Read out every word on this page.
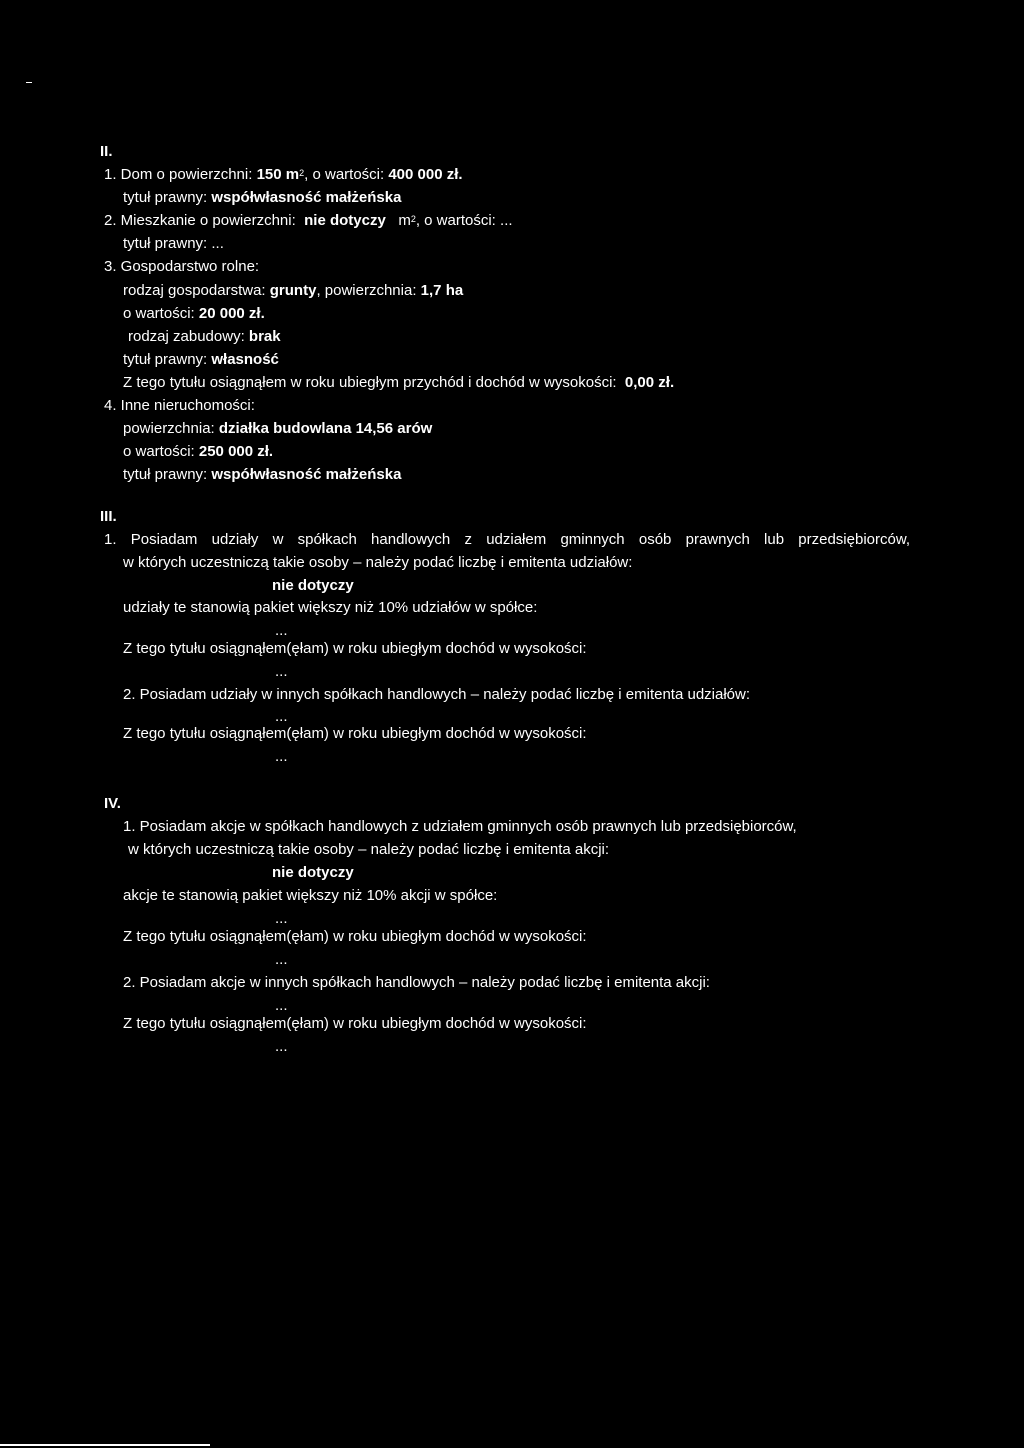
II.
1. Dom o powierzchni: 150 $m^2$, o wartości: 400 000 zł.
tytuł prawny: współwłasność małżeńska
2. Mieszkanie o powierzchni: nie dotyczy $m^2$, o wartości: ...
tytuł prawny: ...
3. Gospodarstwo rolne:
rodzaj gospodarstwa: grunty, powierzchnia: 1,7 ha
o wartości: 20 000 zł.
rodzaj zabudowy: brak
tytuł prawny: własność
Z tego tytułu osiągnąłem w roku ubiegłym przychód i dochód w wysokości: 0,00 zł.
4. Inne nieruchomości:
powierzchnia: działka budowlana 14,56 arów
o wartości: 250 000 zł.
tytuł prawny: współwłasność małżeńska
III.
1. Posiadam udziały w spółkach handlowych z udziałem gminnych osób prawnych lub przedsiębiorców,
w których uczestniczą takie osoby – należy podać liczbę i emitenta udziałów:
nie dotyczy
udziały te stanowią pakiet większy niż 10% udziałów w spółce:
...
Z tego tytułu osiągnąłem(ęłam) w roku ubiegłym dochód w wysokości:
...
2. Posiadam udziały w innych spółkach handlowych – należy podać liczbę i emitenta udziałów:
...
Z tego tytułu osiągnąłem(ęłam) w roku ubiegłym dochód w wysokości:
...
IV.
1. Posiadam akcje w spółkach handlowych z udziałem gminnych osób prawnych lub przedsiębiorców,
w których uczestniczą takie osoby – należy podać liczbę i emitenta akcji:
nie dotyczy
akcje te stanowią pakiet większy niż 10% akcji w spółce:
...
Z tego tytułu osiągnąłem(ęłam) w roku ubiegłym dochód w wysokości:
...
2. Posiadam akcje w innych spółkach handlowych – należy podać liczbę i emitenta akcji:
...
Z tego tytułu osiągnąłem(ęłam) w roku ubiegłym dochód w wysokości:
...
